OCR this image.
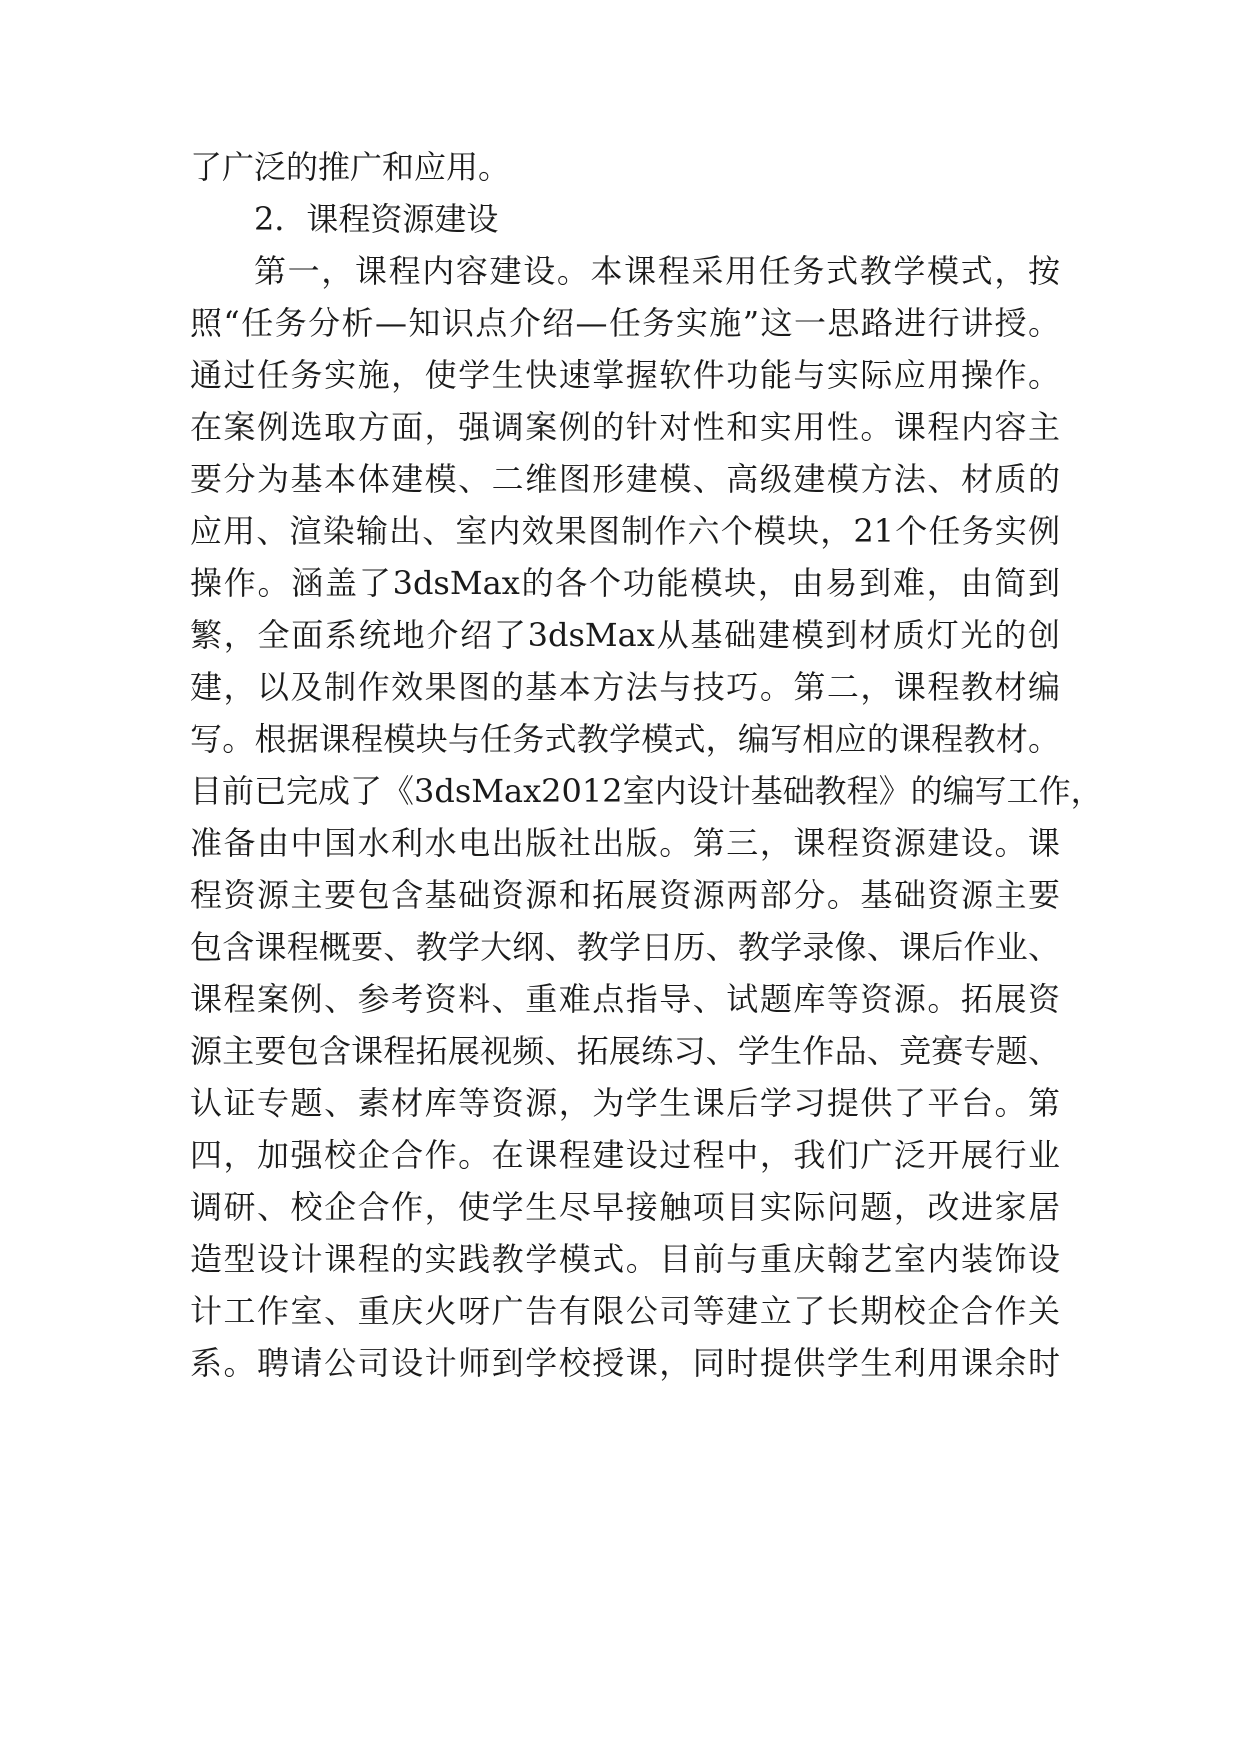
了广泛的推广和应用。
2．课程资源建设
第一，课程内容建设。本课程采用任务式教学模式，按
照“任务分析—知识点介绍—任务实施”这一思路进行讲授。
通过任务实施，使学生快速掌握软件功能与实际应用操作。
在案例选取方面，强调案例的针对性和实用性。课程内容主
要分为基本体建模、二维图形建模、高级建模方法、材质的
应用、渲染输出、室内效果图制作六个模块，21个任务实例
操作。涵盖了3dsMax的各个功能模块，由易到难，由简到
繁，全面系统地介绍了3dsMax从基础建模到材质灯光的创
建，以及制作效果图的基本方法与技巧。第二，课程教材编
写。根据课程模块与任务式教学模式，编写相应的课程教材。
目前已完成了《3dsMax2012室内设计基础教程》的编写工作，
准备由中国水利水电出版社出版。第三，课程资源建设。课
程资源主要包含基础资源和拓展资源两部分。基础资源主要
包含课程概要、教学大纲、教学日历、教学录像、课后作业、
课程案例、参考资料、重难点指导、试题库等资源。拓展资
源主要包含课程拓展视频、拓展练习、学生作品、竞赛专题、
认证专题、素材库等资源，为学生课后学习提供了平台。第
四，加强校企合作。在课程建设过程中，我们广泛开展行业
调研、校企合作，使学生尽早接触项目实际问题，改进家居
造型设计课程的实践教学模式。目前与重庆翰艺室内装饰设
计工作室、重庆火呀广告有限公司等建立了长期校企合作关
系。聘请公司设计师到学校授课，同时提供学生利用课余时
